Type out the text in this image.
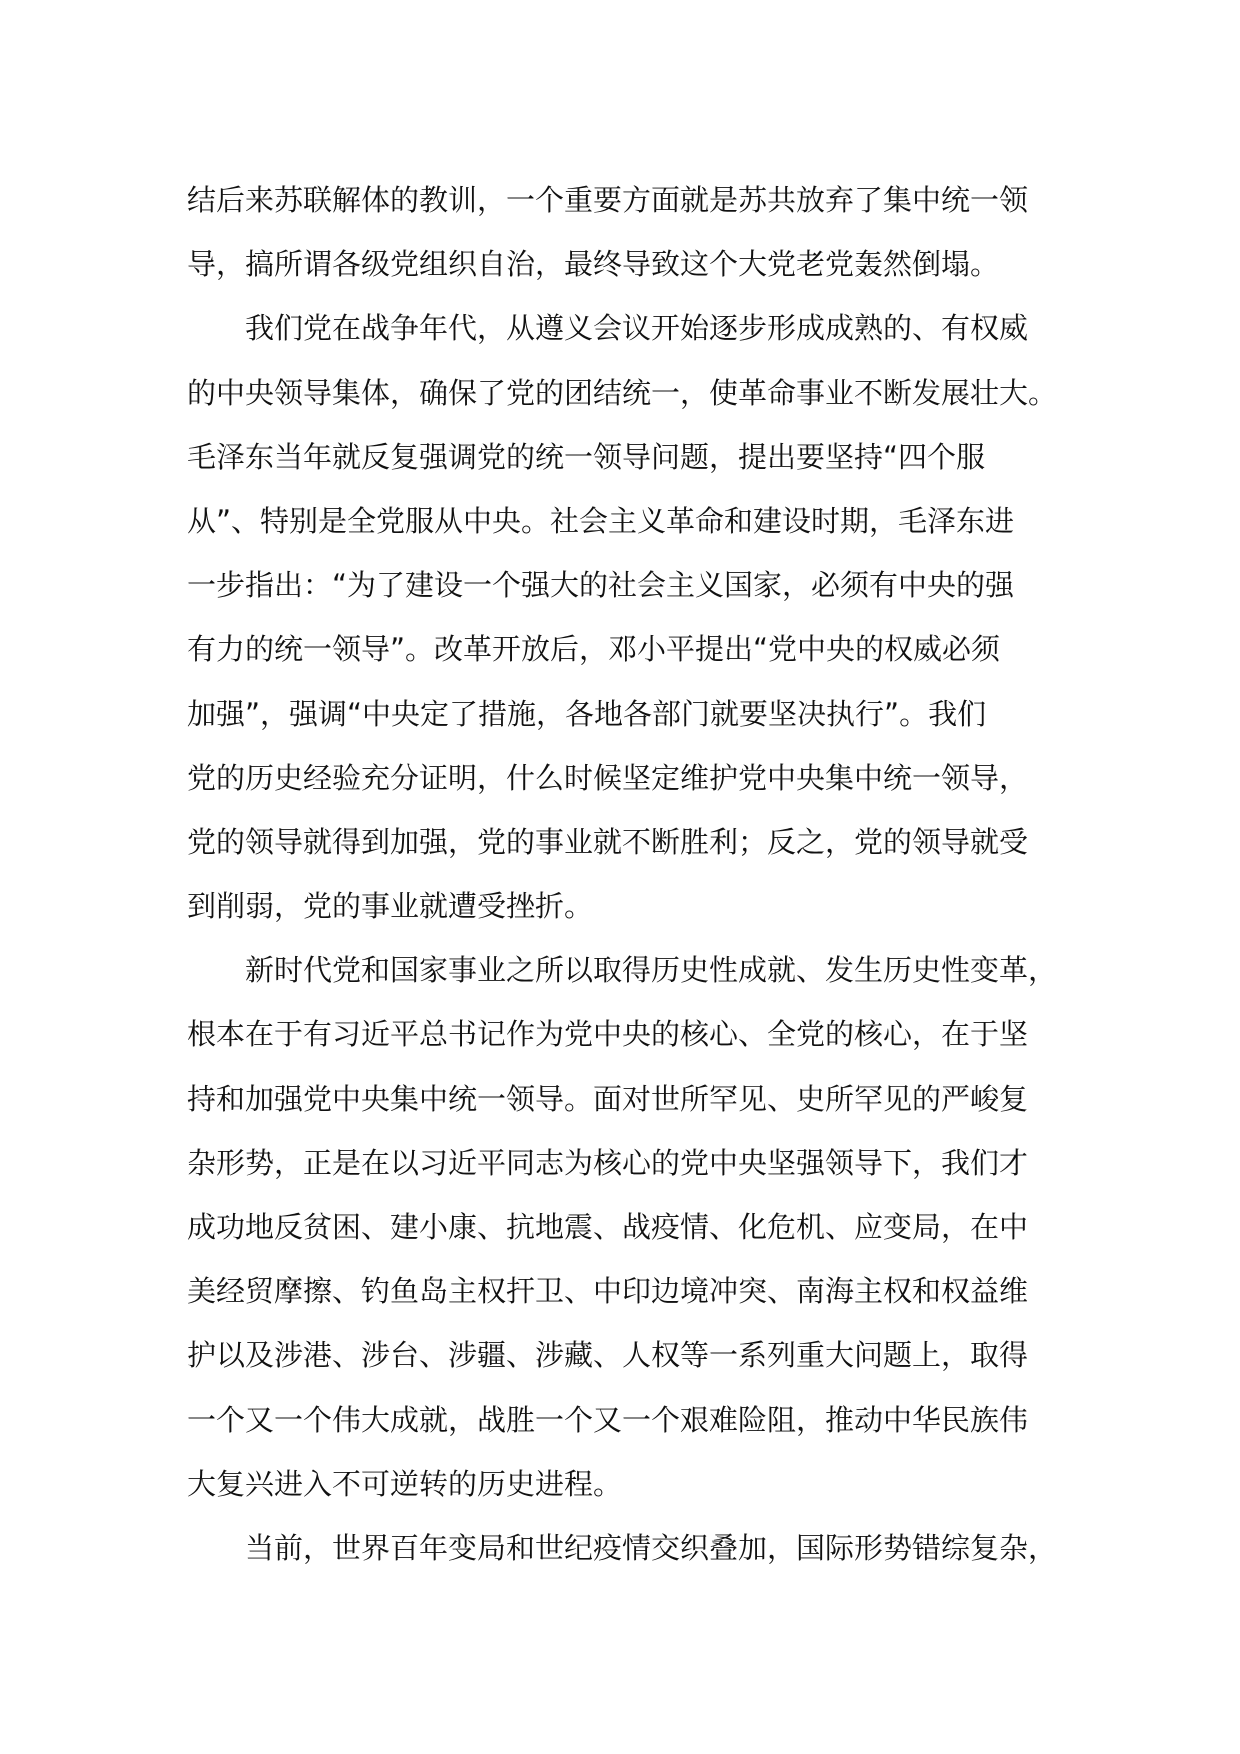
结后来苏联解体的教训，一个重要方面就是苏共放弃了集中统一领
导，搞所谓各级党组织自治，最终导致这个大党老党轰然倒塌。
我们党在战争年代，从遵义会议开始逐步形成成熟的、有权威
的中央领导集体，确保了党的团结统一，使革命事业不断发展壮大。
毛泽东当年就反复强调党的统一领导问题，提出要坚持“四个服
从”、特别是全党服从中央。社会主义革命和建设时期，毛泽东进
一步指出：“为了建设一个强大的社会主义国家，必须有中央的强
有力的统一领导”。改革开放后，邓小平提出“党中央的权威必须
加强”，强调“中央定了措施，各地各部门就要坚决执行”。我们
党的历史经验充分证明，什么时候坚定维护党中央集中统一领导，
党的领导就得到加强，党的事业就不断胜利；反之，党的领导就受
到削弱，党的事业就遭受挫折。
新时代党和国家事业之所以取得历史性成就、发生历史性变革，
根本在于有习近平总书记作为党中央的核心、全党的核心，在于坚
持和加强党中央集中统一领导。面对世所罕见、史所罕见的严峻复
杂形势，正是在以习近平同志为核心的党中央坚强领导下，我们才
成功地反贫困、建小康、抗地震、战疫情、化危机、应变局，在中
美经贸摩擦、钓鱼岛主权扞卫、中印边境冲突、南海主权和权益维
护以及涉港、涉台、涉疆、涉藏、人权等一系列重大问题上，取得
一个又一个伟大成就，战胜一个又一个艰难险阻，推动中华民族伟
大复兴进入不可逆转的历史进程。
当前，世界百年变局和世纪疫情交织叠加，国际形势错综复杂，
